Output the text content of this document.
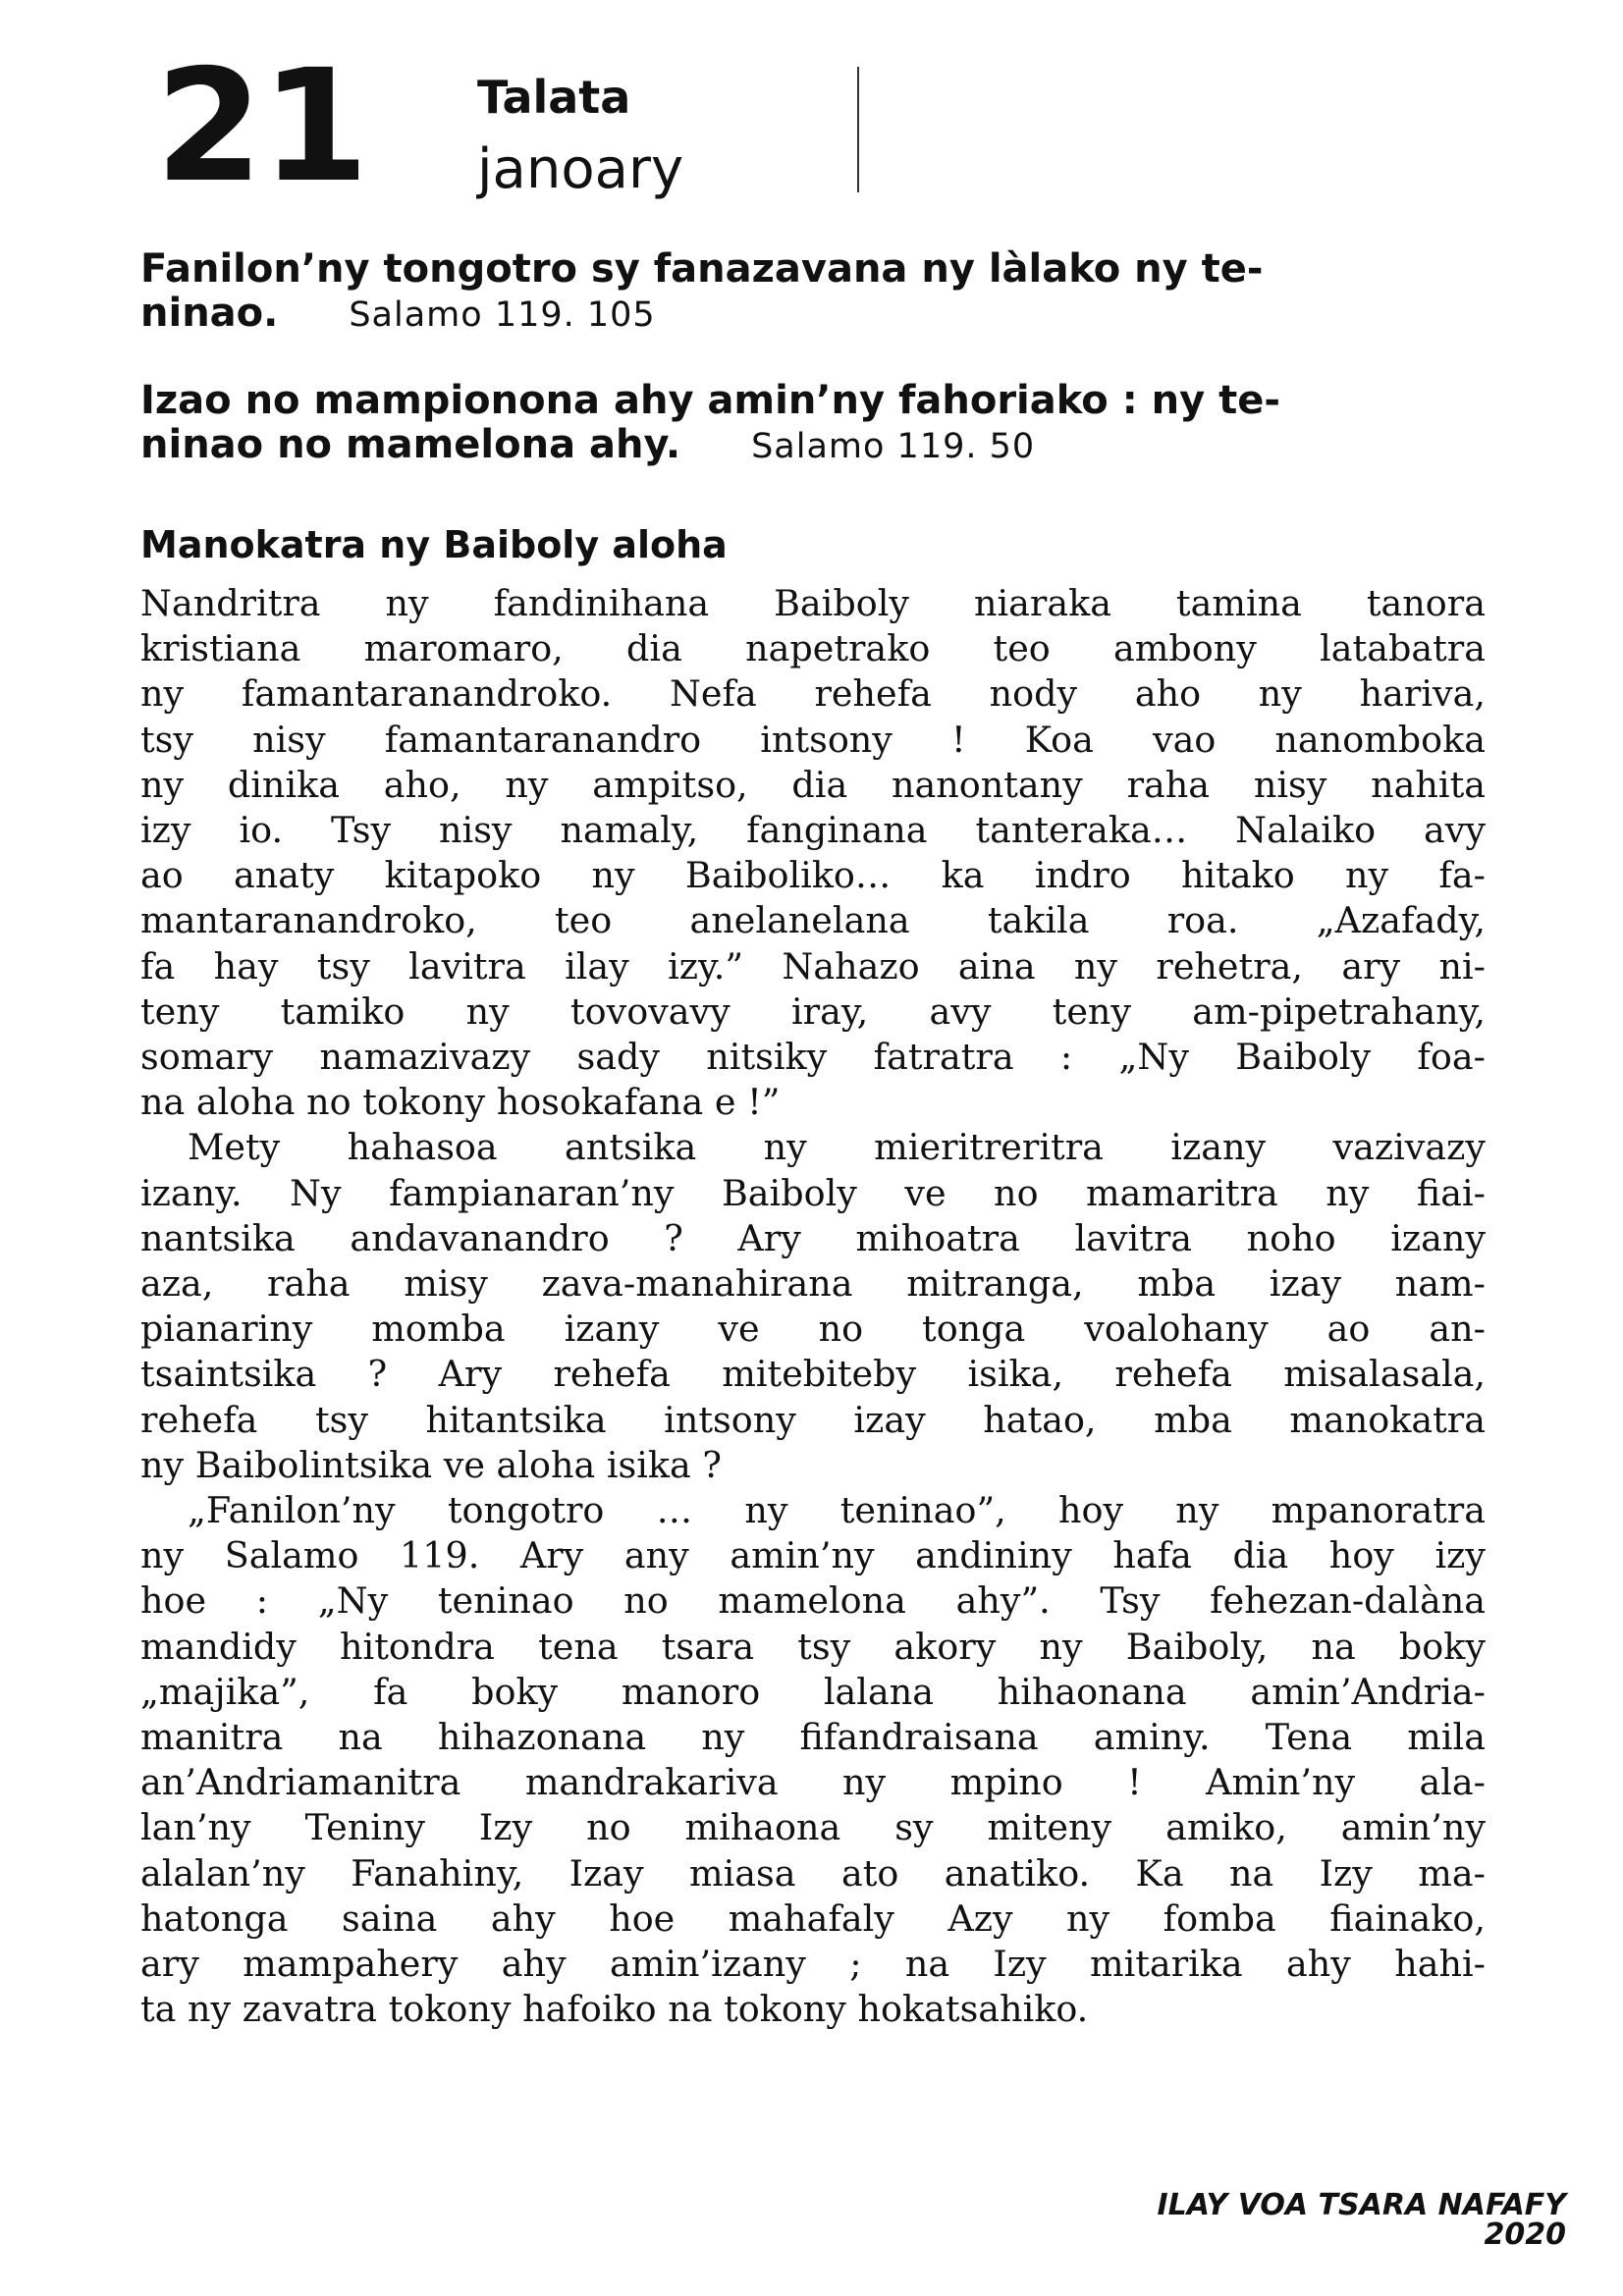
21 Talata
janoary
Fanilon’ny tongotro sy fanazavana ny làlako ny te-
ninao. Salamo 119. 105
Izao no mampionona ahy amin’ny fahoriako : ny te-
ninao no mamelona ahy. Salamo 119. 50
Manokatra ny Baiboly aloha
Nandritra ny fandinihana Baiboly niaraka tamina tanora
kristiana maromaro, dia napetrako teo ambony latabatra
ny famantaranandroko. Nefa rehefa nody aho ny hariva,
tsy nisy famantaranandro intsony ! Koa vao nanomboka
ny dinika aho, ny ampitso, dia nanontany raha nisy nahita
izy io. Tsy nisy namaly, fanginana tanteraka… Nalaiko avy
ao anaty kitapoko ny Baiboliko… ka indro hitako ny fa-
mantaranandroko, teo anelanelana takila roa. „Azafady,
fa hay tsy lavitra ilay izy.” Nahazo aina ny rehetra, ary ni-
teny tamiko ny tovovavy iray, avy teny am-pipetrahany,
somary namazivazy sady nitsiky fatratra : „Ny Baiboly foa-
na aloha no tokony hosokafana e !”
Mety hahasoa antsika ny mieritreritra izany vazivazy
izany. Ny fampianaran’ny Baiboly ve no mamaritra ny fiai-
nantsika andavanandro ? Ary mihoatra lavitra noho izany
aza, raha misy zava-manahirana mitranga, mba izay nam-
pianariny momba izany ve no tonga voalohany ao an-
tsaintsika ? Ary rehefa mitebiteby isika, rehefa misalasala,
rehefa tsy hitantsika intsony izay hatao, mba manokatra
ny Baibolintsika ve aloha isika ?
„Fanilon’ny tongotro … ny teninao”, hoy ny mpanoratra
ny Salamo 119. Ary any amin’ny andininy hafa dia hoy izy
hoe : „Ny teninao no mamelona ahy”. Tsy fehezan-dalàna
mandidy hitondra tena tsara tsy akory ny Baiboly, na boky
„majika”, fa boky manoro lalana hihaonana amin’Andria-
manitra na hihazonana ny fifandraisana aminy. Tena mila
an’Andriamanitra mandrakariva ny mpino ! Amin’ny ala-
lan’ny Teniny Izy no mihaona sy miteny amiko, amin’ny
alalan’ny Fanahiny, Izay miasa ato anatiko. Ka na Izy ma-
hatonga saina ahy hoe mahafaly Azy ny fomba fiainako,
ary mampahery ahy amin’izany ; na Izy mitarika ahy hahi-
ta ny zavatra tokony hafoiko na tokony hokatsahiko.
ILAY VOA TSARA NAFAFY 2020
